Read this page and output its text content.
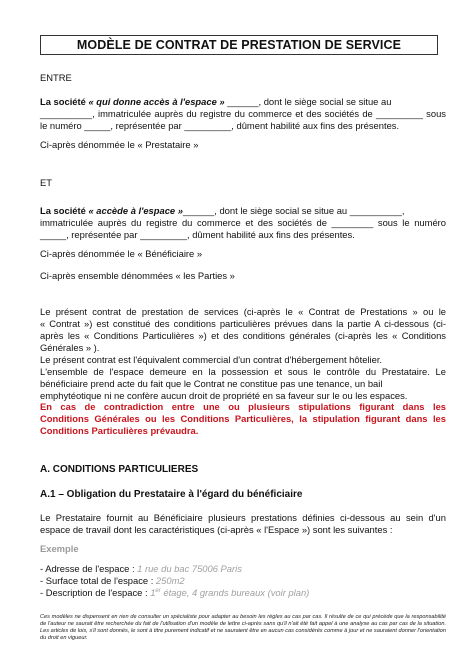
MODÈLE DE CONTRAT DE PRESTATION DE SERVICE
ENTRE
La société « qui donne accès à l'espace » ______, dont le siège social se situe au
__________, immatriculée auprès du registre du commerce et des sociétés de _________ sous
le numéro _____, représentée par _________, dûment habilité aux fins des présentes.
Ci-après dénommée le « Prestataire »
ET
La société « accède à l'espace »______, dont le siège social se situe au __________,
immatriculée auprès du registre du commerce et des sociétés de ________ sous le numéro
_____, représentée par _________, dûment habilité aux fins des présentes.
Ci-après dénommée le « Bénéficiaire »
Ci-après ensemble dénommées « les Parties »
Le présent contrat de prestation de services (ci-après le « Contrat de Prestations » ou le
« Contrat ») est constitué des conditions particulières prévues dans la partie A ci-dessous (ci-
après les « Conditions Particulières ») et des conditions générales (ci-après les « Conditions
Générales » ).
Le présent contrat est l'équivalent commercial d'un contrat d'hébergement hôtelier.
L'ensemble de l'espace demeure en la possession et sous le contrôle du Prestataire. Le
bénéficiaire prend acte du fait que le Contrat ne constitue pas une tenance, un bail
emphytéotique ni ne confère aucun droit de propriété en sa faveur sur le ou les espaces.
En cas de contradiction entre une ou plusieurs stipulations figurant dans les
Conditions Générales ou les Conditions Particulières, la stipulation figurant dans les
Conditions Particulières prévaudra.
A. CONDITIONS PARTICULIERES
A.1 – Obligation du Prestataire à l'égard du bénéficiaire
Le Prestataire fournit au Bénéficiaire plusieurs prestations définies ci-dessous au sein d'un
espace de travail dont les caractéristiques (ci-après « l'Espace ») sont les suivantes :
Exemple
- Adresse de l'espace : 1 rue du bac 75006 Paris
- Surface total de l'espace : 250m2
- Description de l'espace : 1er étage, 4 grands bureaux (voir plan)
Ces modèles ne dispensent en rien de consulter un spécialiste pour adapter au besoin les règles au cas par cas. Il résulte de ce qui précède que la responsabilité de l'auteur ne saurait être recherchée du fait de l'utilisation d'un modèle de lettre ci-après sans qu'il n'ait été fait appel à une analyse au cas par cas de la situation. Les articles de lois, s'il sont donnés, le sont à titre purement indicatif et ne sauraient être en aucun cas considérés comme à jour et ne sauraient donner l'orientation du droit en vigueur.
